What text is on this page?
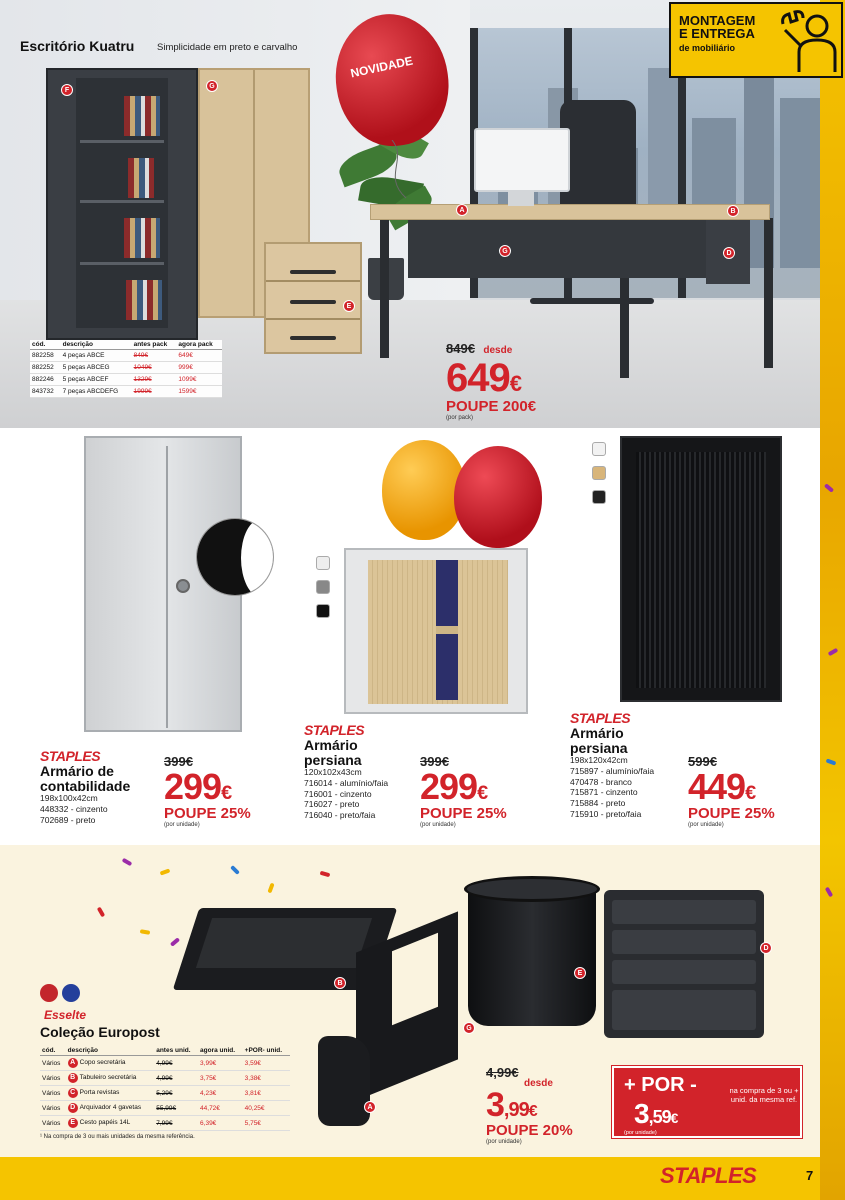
NOVIDADE
F
G
A	B
G	D
E
Escritório Kuatru Simplicidade em preto e carvalho
cód.	descrição	antes pack	agora pack
882258	4 peças ABCE	849€	649€
882252	5 peças ABCEG	1049€	999€
882246	5 peças ABCEF	1329€	1099€
843732	7 peças ABCDEFG	1999€	1599€
849€ desde
649€
POUPE 200€
(por pack)
STAPLES
Armário de
contabilidade
198x100x42cm
448332 - cinzento
702689 - preto
399€
299€
POUPE 25%
(por unidade)
STAPLES
Armário
persiana
120x102x43cm
716014 - alumínio/faia
716001 - cinzento
716027 - preto
716040 - preto/faia
399€
299€
POUPE 25%
(por unidade)
STAPLES
Armário
persiana
198x120x42cm
715897 - alumínio/faia
470478 - branco
715871 - cinzento
715884 - preto
715910 - preto/faia
599€
449€
POUPE 25%
(por unidade)
B
G
E
D
A
Esselte
Coleção Europost
cód.	descrição	antes unid.	agora unid.	+POR- unid.
Vários	A Copo secretária	4,99€	3,99€	3,59€
Vários	B Tabuleiro secretária	4,99€	3,75€	3,38€
Vários	C Porta revistas	5,29€	4,23€	3,81€
Vários	D Arquivador 4 gavetas	55,99€	44,72€	40,25€
Vários	E Cesto papéis 14L	7,99€	6,39€	5,75€
¹ Na compra de 3 ou mais unidades da mesma referência.
4,99€
desde
3,99€
POUPE 20%
(por unidade)
+ POR -
3,59€
na compra de 3 ou + unid. da mesma ref.
(por unidade)
STAPLES	7
MONTAGEM
E ENTREGA
de mobiliário
